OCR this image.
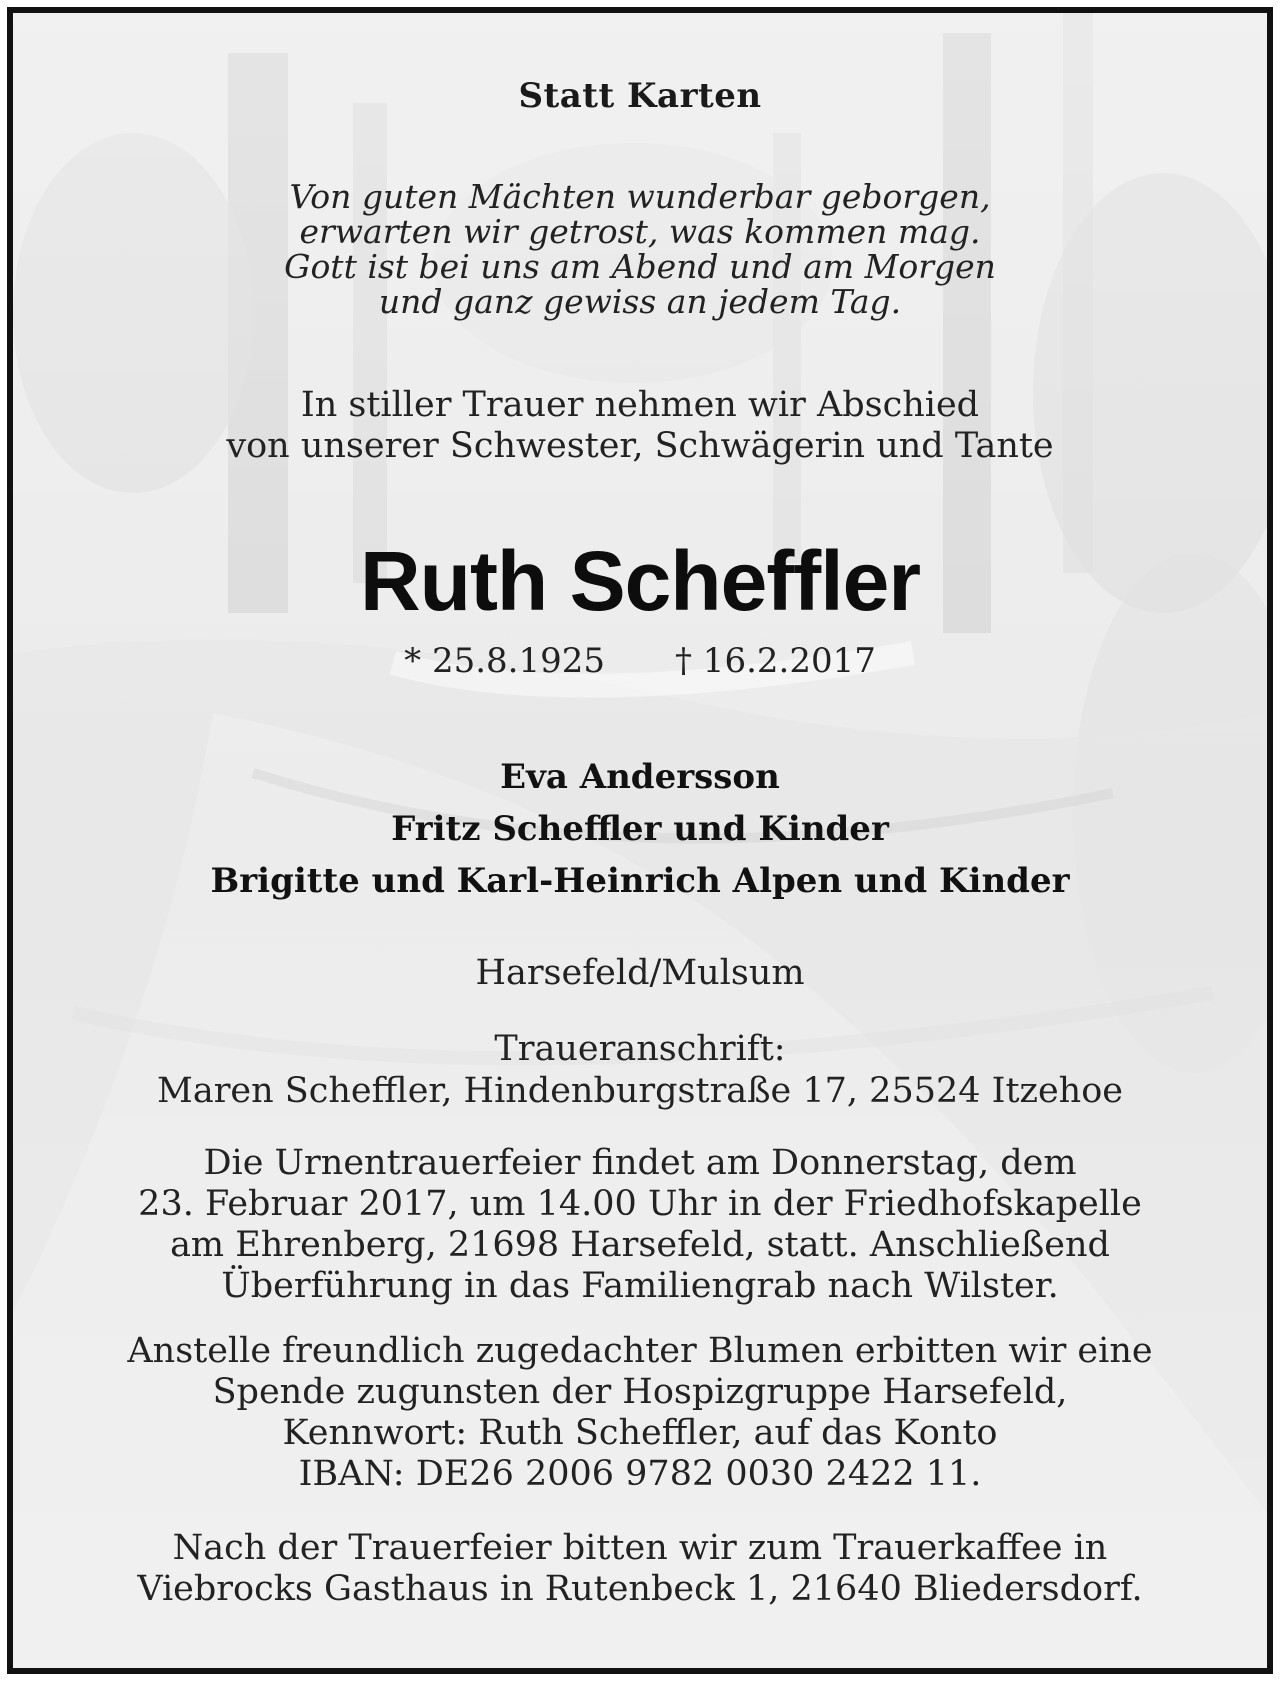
Statt Karten
Von guten Mächten wunderbar geborgen,
erwarten wir getrost, was kommen mag.
Gott ist bei uns am Abend und am Morgen
und ganz gewiss an jedem Tag.
In stiller Trauer nehmen wir Abschied
von unserer Schwester, Schwägerin und Tante
Ruth Scheffler
* 25.8.1925 † 16.2.2017
Eva Andersson
Fritz Scheffler und Kinder
Brigitte und Karl-Heinrich Alpen und Kinder
Harsefeld/Mulsum
Traueranschrift:
Maren Scheffler, Hindenburgstraße 17, 25524 Itzehoe
Die Urnentrauerfeier findet am Donnerstag, dem
23. Februar 2017, um 14.00 Uhr in der Friedhofskapelle
am Ehrenberg, 21698 Harsefeld, statt. Anschließend
Überführung in das Familiengrab nach Wilster.
Anstelle freundlich zugedachter Blumen erbitten wir eine
Spende zugunsten der Hospizgruppe Harsefeld,
Kennwort: Ruth Scheffler, auf das Konto
IBAN: DE26 2006 9782 0030 2422 11.
Nach der Trauerfeier bitten wir zum Trauerkaffee in
Viebrocks Gasthaus in Rutenbeck 1, 21640 Bliedersdorf.
